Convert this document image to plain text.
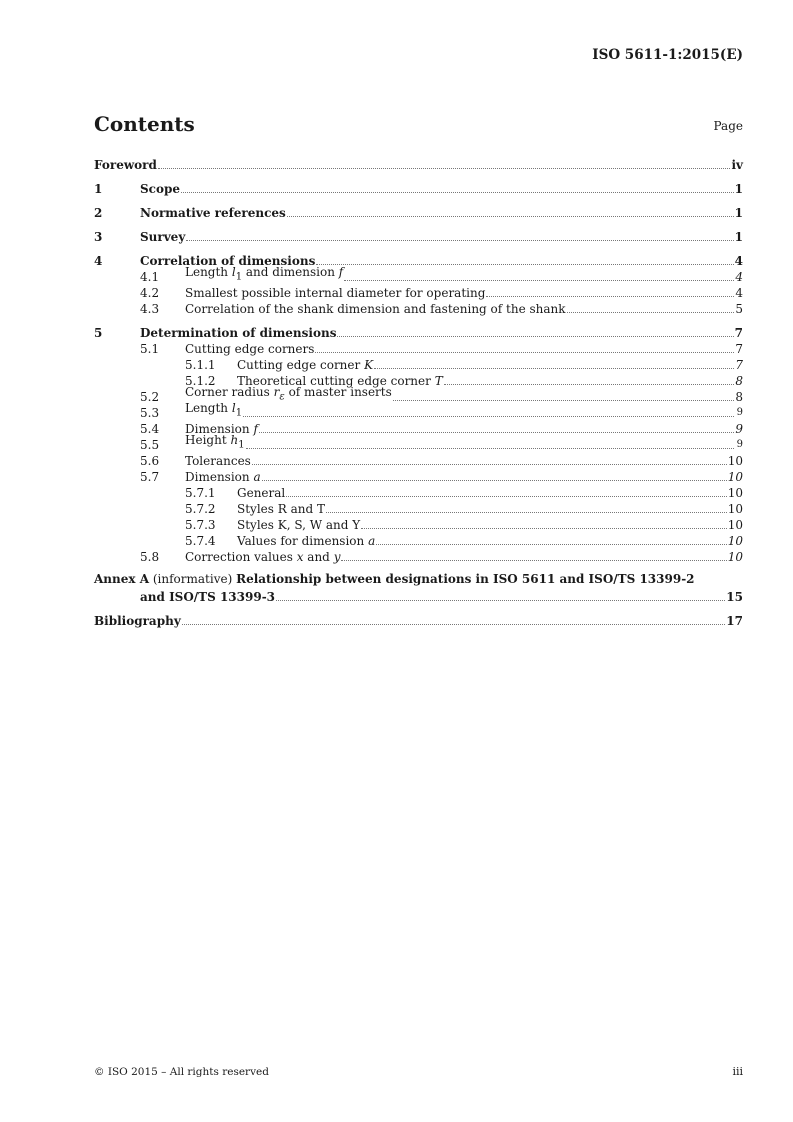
ISO 5611-1:2015(E)
Contents	Page
Foreword	iv
1	Scope	1
2	Normative references	1
3	Survey	1
4	Correlation of dimensions	4
4.1	Length $l_1$ and dimension f	4
4.2	Smallest possible internal diameter for operating	4
4.3	Correlation of the shank dimension and fastening of the shank	5
5	Determination of dimensions	7
5.1	Cutting edge corners	7
5.1.1	Cutting edge corner K	7
5.1.2	Theoretical cutting edge corner T	8
5.2	Corner radius $r_\varepsilon$ of master inserts	8
5.3	Length $l_1$	9
5.4	Dimension f	9
5.5	Height $h_1$	9
5.6	Tolerances	10
5.7	Dimension a	10
5.7.1	General	10
5.7.2	Styles R and T	10
5.7.3	Styles K, S, W and Y	10
5.7.4	Values for dimension a	10
5.8	Correction values x and y	10
Annex A (informative) Relationship between designations in ISO 5611 and ISO/TS 13399-2
and ISO/TS 13399-3	15
Bibliography	17
© ISO 2015 – All rights reserved	iii
